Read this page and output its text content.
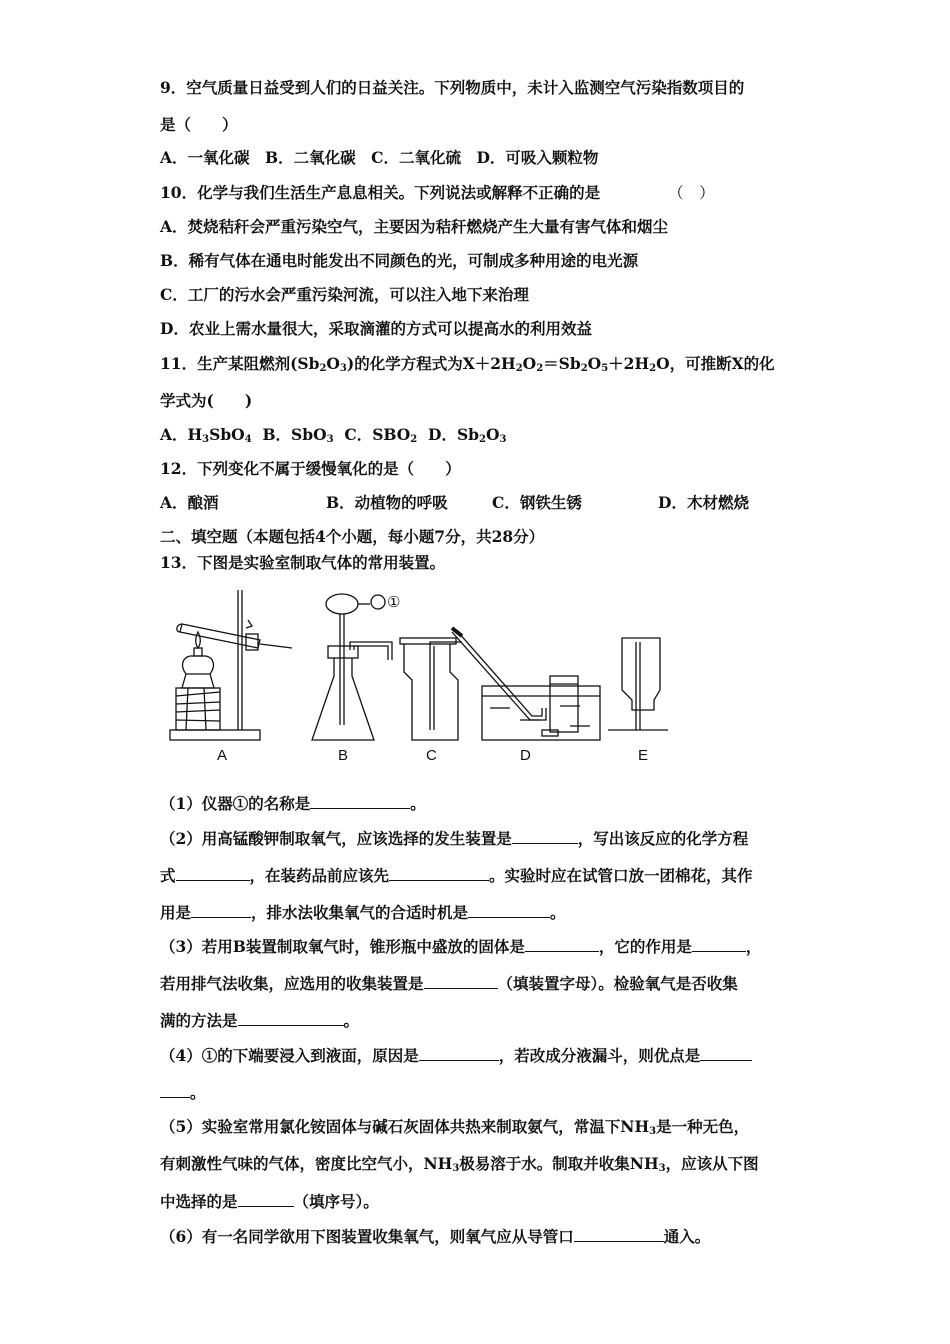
9．空气质量日益受到人们的日益关注。下列物质中，未计入监测空气污染指数项目的
是（　　）
A．一氧化碳　B．二氧化碳　C．二氧化硫　D．可吸入颗粒物
10．化学与我们生活生产息息相关。下列说法或解释不正确的是	（　）
A．焚烧秸秆会严重污染空气，主要因为秸秆燃烧产生大量有害气体和烟尘
B．稀有气体在通电时能发出不同颜色的光，可制成多种用途的电光源
C．工厂的污水会严重污染河流，可以注入地下来治理
D．农业上需水量很大，采取滴灌的方式可以提高水的利用效益
11．生产某阻燃剂$(Sb_2O_3)$的化学方程式为$X+2H_2O_2=Sb_2O_5+2H_2O$，可推断X的化
学式为(　　)
A．$H_3SbO_4$ B．SbO$_3$ C．$SBO_2$ D．$Sb_2O_3$
12．下列变化不属于缓慢氧化的是（　　）
A．酿酒	B．动植物的呼吸	C．钢铁生锈	D．木材燃烧
二、填空题（本题包括4个小题，每小题7分，共28分）
13．下图是实验室制取气体的常用装置。
A	B	C	D	E
①
（1）仪器①的名称是	。
（2）用高锰酸钾制取氧气，应该选择的发生装置是	，写出该反应的化学方程
式	，在装药品前应该先	。实验时应在试管口放一团棉花，其作
用是	，排水法收集氧气的合适时机是	。
（3）若用B装置制取氧气时，锥形瓶中盛放的固体是	，它的作用是	，
若用排气法收集，应选用的收集装置是	（填装置字母）。检验氧气是否收集
满的方法是	。
（4）①的下端要浸入到液面，原因是	，若改成分液漏斗，则优点是
。
（5）实验室常用氯化铵固体与碱石灰固体共热来制取氨气，常温下$NH_3$是一种无色，
有刺激性气味的气体，密度比空气小，$NH_3$极易溶于水。制取并收集$NH_3$，应该从下图
中选择的是	（填序号）。
（6）有一名同学欲用下图装置收集氧气，则氧气应从导管口	通入。
